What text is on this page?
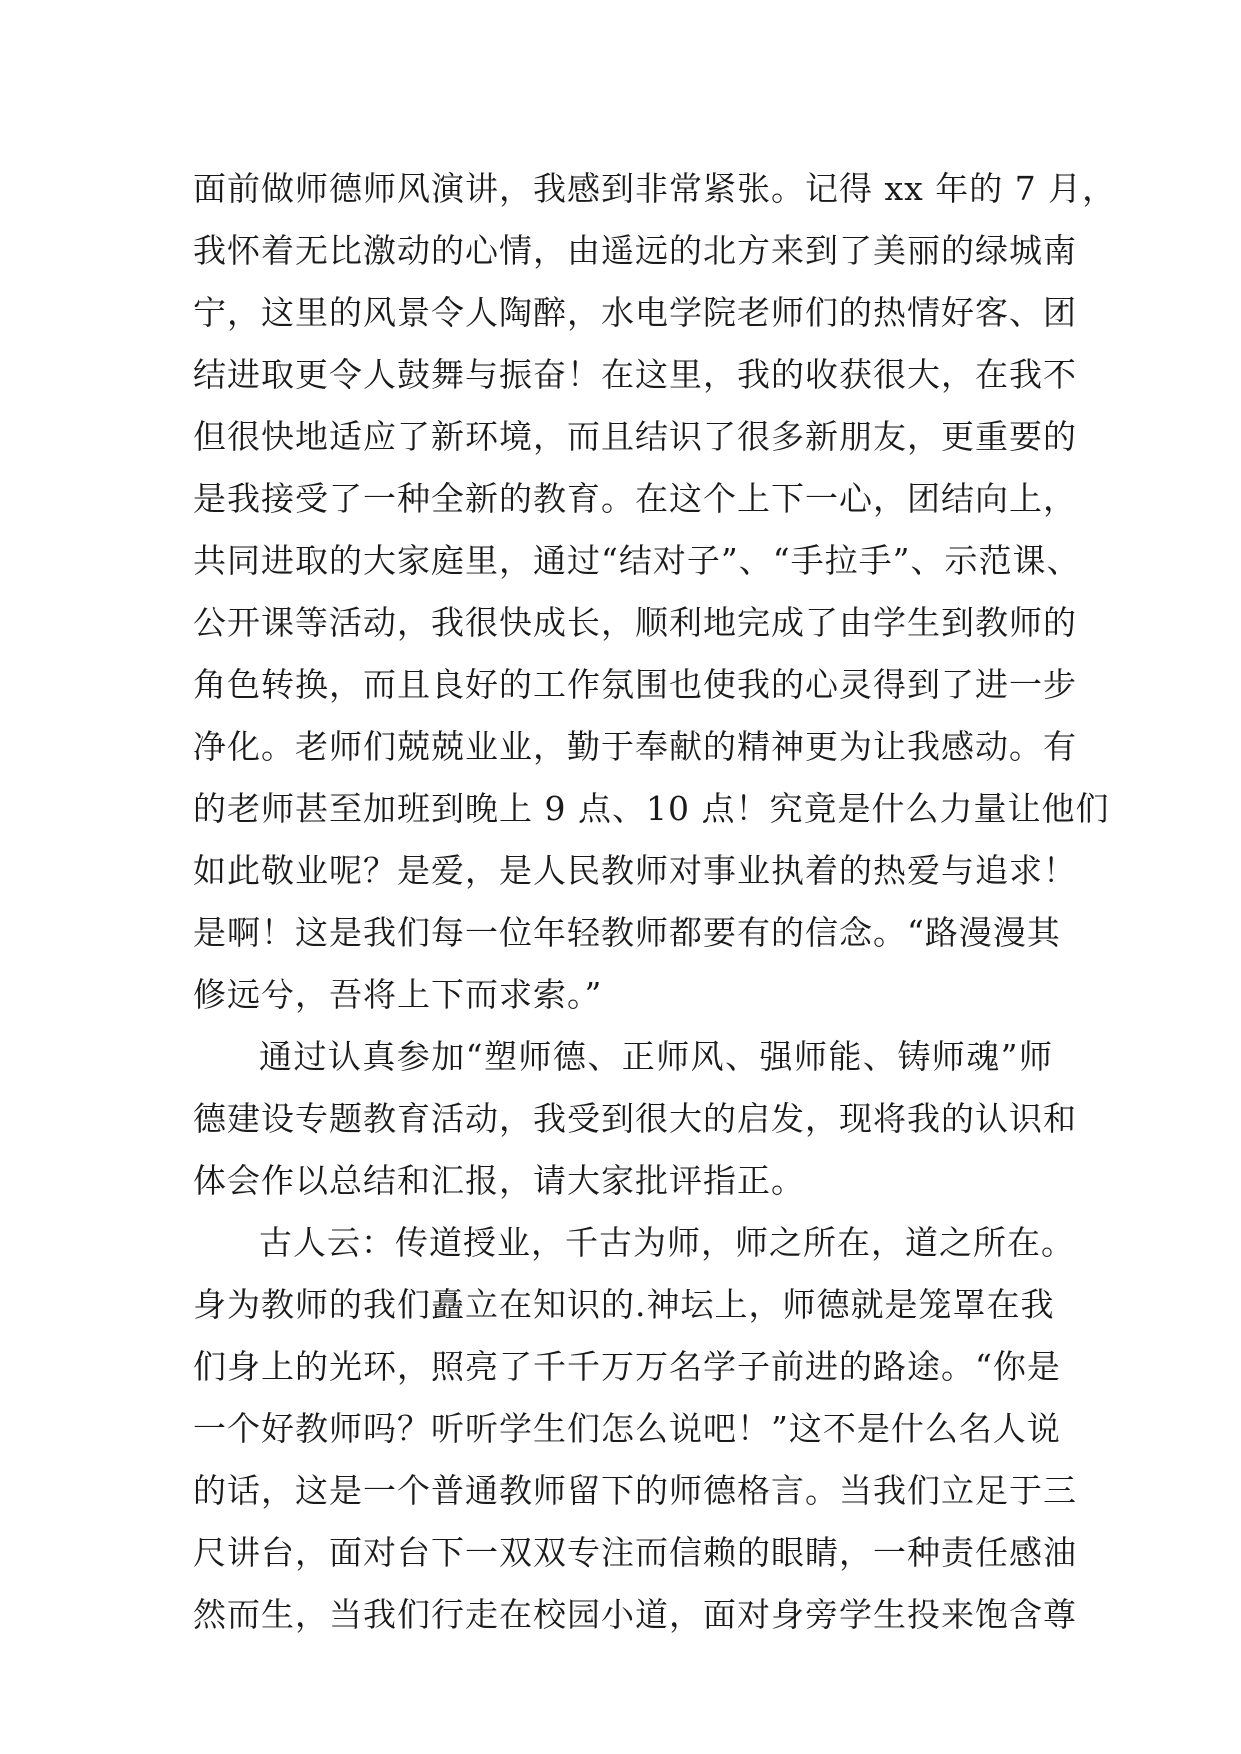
面前做师德师风演讲，我感到非常紧张。记得 xx 年的 7 月，
我怀着无比激动的心情，由遥远的北方来到了美丽的绿城南
宁，这里的风景令人陶醉，水电学院老师们的热情好客、团
结进取更令人鼓舞与振奋！在这里，我的收获很大，在我不
但很快地适应了新环境，而且结识了很多新朋友，更重要的
是我接受了一种全新的教育。在这个上下一心，团结向上，
共同进取的大家庭里，通过“结对子”、“手拉手”、示范课、
公开课等活动，我很快成长，顺利地完成了由学生到教师的
角色转换，而且良好的工作氛围也使我的心灵得到了进一步
净化。老师们兢兢业业，勤于奉献的精神更为让我感动。有
的老师甚至加班到晚上 9 点、10 点！究竟是什么力量让他们
如此敬业呢？是爱，是人民教师对事业执着的热爱与追求！
是啊！这是我们每一位年轻教师都要有的信念。“路漫漫其
修远兮，吾将上下而求索。”
通过认真参加“塑师德、正师风、强师能、铸师魂”师
德建设专题教育活动，我受到很大的启发，现将我的认识和
体会作以总结和汇报，请大家批评指正。
古人云：传道授业，千古为师，师之所在，道之所在。
身为教师的我们矗立在知识的.神坛上，师德就是笼罩在我
们身上的光环，照亮了千千万万名学子前进的路途。“你是
一个好教师吗？听听学生们怎么说吧！”这不是什么名人说
的话，这是一个普通教师留下的师德格言。当我们立足于三
尺讲台，面对台下一双双专注而信赖的眼睛，一种责任感油
然而生，当我们行走在校园小道，面对身旁学生投来饱含尊
